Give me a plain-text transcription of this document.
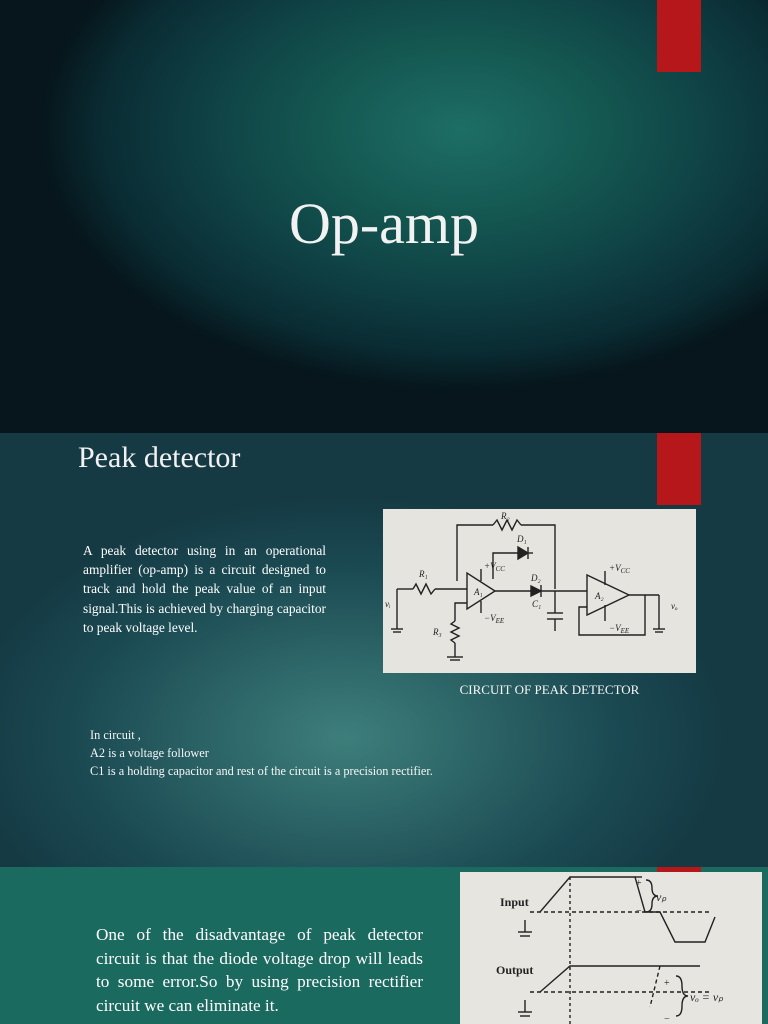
Op-amp
Peak detector
A peak detector using in an operational amplifier (op-amp) is a circuit designed to track and hold the peak value of an input signal.This is achieved by charging capacitor to peak voltage level.
R₂
D₁
D₂
R₁
$+V_{CC}$
A₁
$-V_{EE}$
vᵢ	C₁
R₃
$+V_{CC}$
A₂
$-V_{EE}$
vₒ
CIRCUIT OF PEAK DETECTOR
In circuit ,
A2 is a voltage follower
C1 is a holding capacitor and rest of the circuit is a precision rectifier.
One of the disadvantage of peak detector circuit is that the diode voltage drop will leads to some error.So by using precision rectifier circuit we can eliminate it.
Input
Output
vₚ
vₒ = vₚ
+
−
+
−
